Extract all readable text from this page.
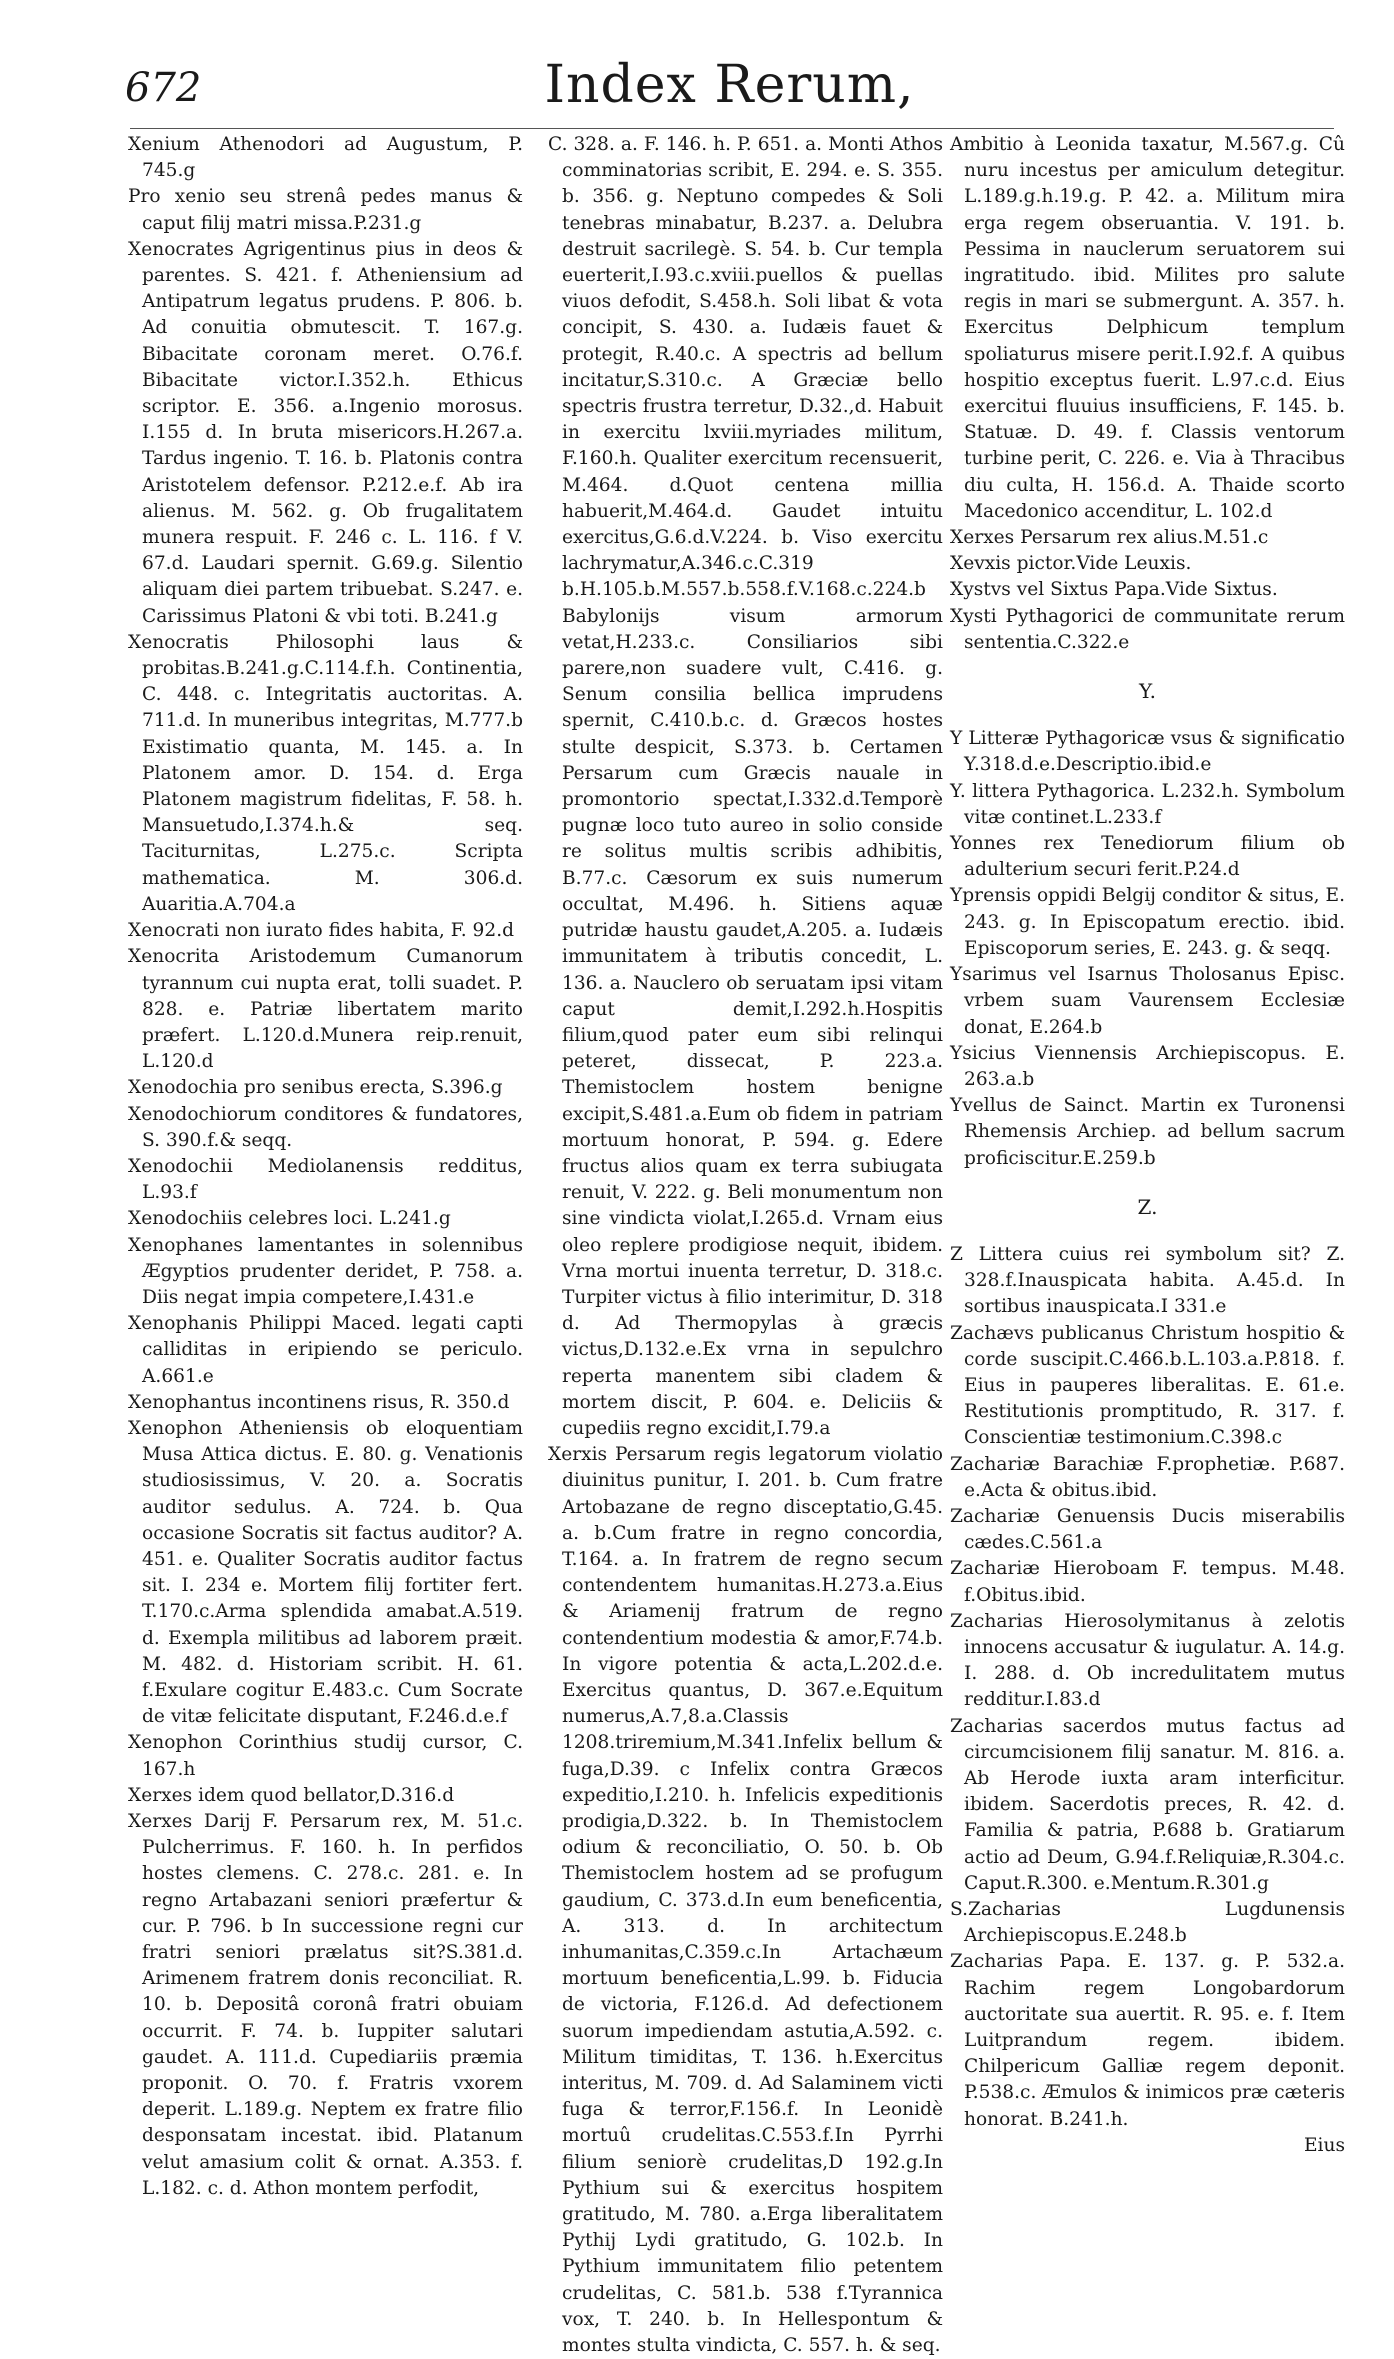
672	Index Rerum,

Xenium Athenodori ad Augustum, P. 745.g

Pro xenio seu strenâ pedes manus & caput filij matri missa.P.231.g

Xenocrates Agrigentinus pius in deos & parentes. S. 421. f. Atheniensium ad Antipatrum legatus prudens. P. 806. b. Ad conuitia obmutescit. T. 167.g. Bibacitate coronam meret. O.76.f. Bibacitate victor.I.352.h. Ethicus scriptor. E. 356. a.Ingenio morosus. I.155 d. In bruta misericors.H.267.a. Tardus ingenio. T. 16. b. Platonis contra Aristotelem defensor. P.212.e.f. Ab ira alienus. M. 562. g. Ob frugalitatem munera respuit. F. 246 c. L. 116. f V. 67.d. Laudari spernit. G.69.g. Silentio aliquam diei partem tribuebat. S.247. e. Carissimus Platoni & vbi toti. B.241.g

Xenocratis Philosophi laus & probitas.B.241.g.C.114.f.h. Continentia, C. 448. c. Integritatis auctoritas. A. 711.d. In muneribus integritas, M.777.b Existimatio quanta, M. 145. a. In Platonem amor. D. 154. d. Erga Platonem magistrum fidelitas, F. 58. h. Mansuetudo,I.374.h.& seq. Taciturnitas, L.275.c. Scripta mathematica. M. 306.d. Auaritia.A.704.a

Xenocrati non iurato fides habita, F. 92.d

Xenocrita Aristodemum Cumanorum tyrannum cui nupta erat, tolli suadet. P. 828. e. Patriæ libertatem marito præfert. L.120.d.Munera reip.renuit, L.120.d

Xenodochia pro senibus erecta, S.396.g

Xenodochiorum conditores & fundatores, S. 390.f.& seqq.

Xenodochii Mediolanensis redditus, L.93.f

Xenodochiis celebres loci. L.241.g

Xenophanes lamentantes in solennibus Ægyptios prudenter deridet, P. 758. a. Diis negat impia competere,I.431.e

Xenophanis Philippi Maced. legati capti calliditas in eripiendo se periculo. A.661.e

Xenophantus incontinens risus, R. 350.d

Xenophon Atheniensis ob eloquentiam Musa Attica dictus. E. 80. g. Venationis studiosissimus, V. 20. a. Socratis auditor sedulus. A. 724. b. Qua occasione Socratis sit factus auditor? A. 451. e. Qualiter Socratis auditor factus sit. I. 234 e. Mortem filij fortiter fert. T.170.c.Arma splendida amabat.A.519. d. Exempla militibus ad laborem præit. M. 482. d. Historiam scribit. H. 61. f.Exulare cogitur E.483.c. Cum Socrate de vitæ felicitate disputant, F.246.d.e.f

Xenophon Corinthius studij cursor, C. 167.h

Xerxes idem quod bellator,D.316.d

Xerxes Darij F. Persarum rex, M. 51.c. Pulcherrimus. F. 160. h. In perfidos hostes clemens. C. 278.c. 281. e. In regno Artabazani seniori præfertur & cur. P. 796. b In successione regni cur fratri seniori prælatus sit?S.381.d. Arimenem fratrem donis reconciliat. R. 10. b. Depositâ coronâ fratri obuiam occurrit. F. 74. b. Iuppiter salutari gaudet. A. 111.d. Cupediariis præmia proponit. O. 70. f. Fratris vxorem deperit. L.189.g. Neptem ex fratre filio desponsatam incestat. ibid. Platanum velut amasium colit & ornat. A.353. f. L.182. c. d. Athon montem perfodit,

C. 328. a. F. 146. h. P. 651. a. Monti Athos comminatorias scribit, E. 294. e. S. 355. b. 356. g. Neptuno compedes & Soli tenebras minabatur, B.237. a. Delubra destruit sacrilegè. S. 54. b. Cur templa euerterit,I.93.c.xviii.puellos & puellas viuos defodit, S.458.h. Soli libat & vota concipit, S. 430. a. Iudæis fauet & protegit, R.40.c. A spectris ad bellum incitatur,S.310.c. A Græciæ bello spectris frustra terretur, D.32.,d. Habuit in exercitu lxviii.myriades militum, F.160.h. Qualiter exercitum recensuerit, M.464. d.Quot centena millia habuerit,M.464.d. Gaudet intuitu exercitus,G.6.d.V.224. b. Viso exercitu lachrymatur,A.346.c.C.319 b.H.105.b.M.557.b.558.f.V.168.c.224.b Babylonijs visum armorum vetat,H.233.c. Consiliarios sibi parere,non suadere vult, C.416. g. Senum consilia bellica imprudens spernit, C.410.b.c. d. Græcos hostes stulte despicit, S.373. b. Certamen Persarum cum Græcis nauale in promontorio spectat,I.332.d.Temporè pugnæ loco tuto aureo in solio conside re solitus multis scribis adhibitis, B.77.c. Cæsorum ex suis numerum occultat, M.496. h. Sitiens aquæ putridæ haustu gaudet,A.205. a. Iudæis immunitatem à tributis concedit, L. 136. a. Nauclero ob seruatam ipsi vitam caput demit,I.292.h.Hospitis filium,quod pater eum sibi relinqui peteret, dissecat, P. 223.a. Themistoclem hostem benigne excipit,S.481.a.Eum ob fidem in patriam mortuum honorat, P. 594. g. Edere fructus alios quam ex terra subiugata renuit, V. 222. g. Beli monumentum non sine vindicta violat,I.265.d. Vrnam eius oleo replere prodigiose nequit, ibidem. Vrna mortui inuenta terretur, D. 318.c. Turpiter victus à filio interimitur, D. 318 d. Ad Thermopylas à græcis victus,D.132.e.Ex vrna in sepulchro reperta manentem sibi cladem & mortem discit, P. 604. e. Deliciis & cupediis regno excidit,I.79.a

Xerxis Persarum regis legatorum violatio diuinitus punitur, I. 201. b. Cum fratre Artobazane de regno disceptatio,G.45. a. b.Cum fratre in regno concordia, T.164. a. In fratrem de regno secum contendentem humanitas.H.273.a.Eius & Ariamenij fratrum de regno contendentium modestia & amor,F.74.b. In vigore potentia & acta,L.202.d.e. Exercitus quantus, D. 367.e.Equitum numerus,A.7,8.a.Classis 1208.triremium,M.341.Infelix bellum & fuga,D.39. c Infelix contra Græcos expeditio,I.210. h. Infelicis expeditionis prodigia,D.322. b. In Themistoclem odium & reconciliatio, O. 50. b. Ob Themistoclem hostem ad se profugum gaudium, C. 373.d.In eum beneficentia, A. 313. d. In architectum inhumanitas,C.359.c.In Artachæum mortuum beneficentia,L.99. b. Fiducia de victoria, F.126.d. Ad defectionem suorum impediendam astutia,A.592. c. Militum timiditas, T. 136. h.Exercitus interitus, M. 709. d. Ad Salaminem victi fuga & terror,F.156.f. In Leonidè mortuû crudelitas.C.553.f.In Pyrrhi filium seniorè crudelitas,D 192.g.In Pythium sui & exercitus hospitem gratitudo, M. 780. a.Erga liberalitatem Pythij Lydi gratitudo, G. 102.b. In Pythium immunitatem filio petentem crudelitas, C. 581.b. 538 f.Tyrannica vox, T. 240. b. In Hellespontum & montes stulta vindicta, C. 557. h. & seq.

Ambitio à Leonida taxatur, M.567.g. Cû nuru incestus per amiculum detegitur. L.189.g.h.19.g. P. 42. a. Militum mira erga regem obseruantia. V. 191. b. Pessima in nauclerum seruatorem sui ingratitudo. ibid. Milites pro salute regis in mari se submergunt. A. 357. h. Exercitus Delphicum templum spoliaturus misere perit.I.92.f. A quibus hospitio exceptus fuerit. L.97.c.d. Eius exercitui fluuius insufficiens, F. 145. b. Statuæ. D. 49. f. Classis ventorum turbine perit, C. 226. e. Via à Thracibus diu culta, H. 156.d. A. Thaide scorto Macedonico accenditur, L. 102.d

Xerxes Persarum rex alius.M.51.c

Xevxis pictor.Vide Leuxis.

Xystvs vel Sixtus Papa.Vide Sixtus.

Xysti Pythagorici de communitate rerum sententia.C.322.e

Y.

Y Litteræ Pythagoricæ vsus & significatio Y.318.d.e.Descriptio.ibid.e

Y. littera Pythagorica. L.232.h. Symbolum vitæ continet.L.233.f

Yonnes rex Tenediorum filium ob adulterium securi ferit.P.24.d

Yprensis oppidi Belgij conditor & situs, E. 243. g. In Episcopatum erectio. ibid. Episcoporum series, E. 243. g. & seqq.

Ysarimus vel Isarnus Tholosanus Episc. vrbem suam Vaurensem Ecclesiæ donat, E.264.b

Ysicius Viennensis Archiepiscopus. E. 263.a.b

Yvellus de Sainct. Martin ex Turonensi Rhemensis Archiep. ad bellum sacrum proficiscitur.E.259.b

Z.

Z Littera cuius rei symbolum sit? Z. 328.f.Inauspicata habita. A.45.d. In sortibus inauspicata.I 331.e

Zachævs publicanus Christum hospitio & corde suscipit.C.466.b.L.103.a.P.818. f. Eius in pauperes liberalitas. E. 61.e. Restitutionis promptitudo, R. 317. f. Conscientiæ testimonium.C.398.c

Zachariæ Barachiæ F.prophetiæ. P.687. e.Acta & obitus.ibid.

Zachariæ Genuensis Ducis miserabilis cædes.C.561.a

Zachariæ Hieroboam F. tempus. M.48. f.Obitus.ibid.

Zacharias Hierosolymitanus à zelotis innocens accusatur & iugulatur. A. 14.g. I. 288. d. Ob incredulitatem mutus redditur.I.83.d

Zacharias sacerdos mutus factus ad circumcisionem filij sanatur. M. 816. a. Ab Herode iuxta aram interficitur. ibidem. Sacerdotis preces, R. 42. d. Familia & patria, P.688 b. Gratiarum actio ad Deum, G.94.f.Reliquiæ,R.304.c. Caput.R.300. e.Mentum.R.301.g

S.Zacharias Lugdunensis Archiepiscopus.E.248.b

Zacharias Papa. E. 137. g. P. 532.a. Rachim regem Longobardorum auctoritate sua auertit. R. 95. e. f. Item Luitprandum regem. ibidem. Chilpericum Galliæ regem deponit. P.538.c. Æmulos & inimicos præ cæteris honorat. B.241.h.

Eius
